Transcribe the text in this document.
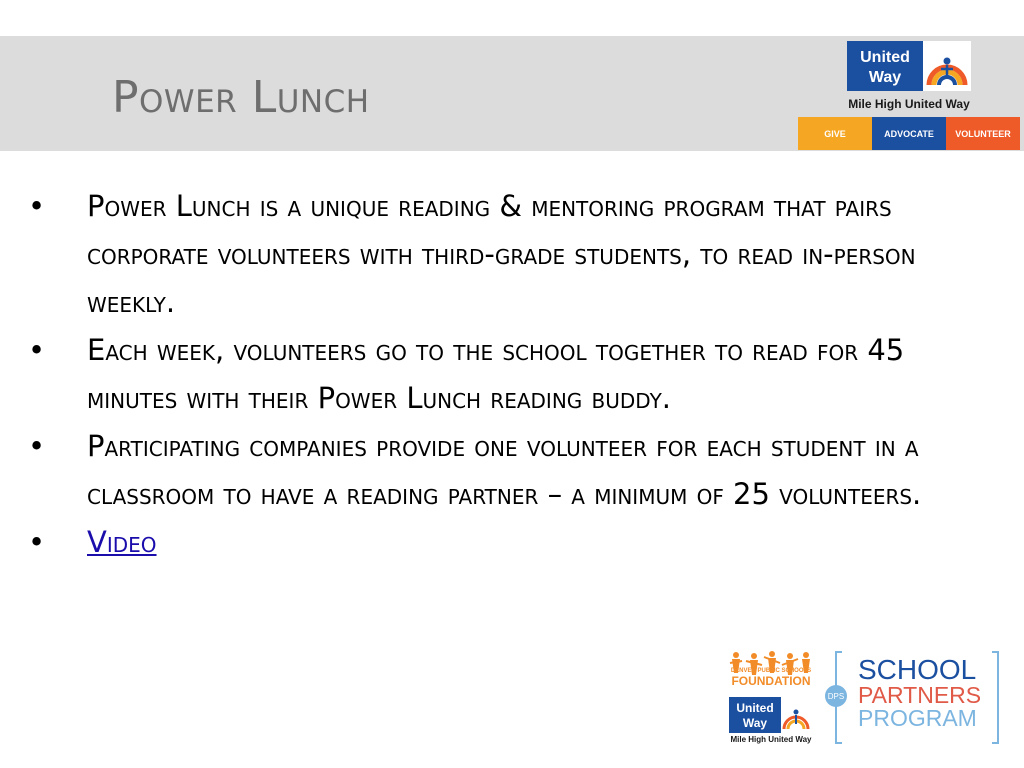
Power Lunch
United
Way
Mile High United Way
GIVE	ADVOCATE	VOLUNTEER
• Power Lunch is a unique reading & mentoring program that pairs corporate volunteers with third-grade students, to read in-person weekly.
• Each week, volunteers go to the school together to read for 45 minutes with their Power Lunch reading buddy.
• Participating companies provide one volunteer for each student in a classroom to have a reading partner – a minimum of 25 volunteers.
• Video
DENVER PUBLIC SCHOOLS
FOUNDATION
United
Way
Mile High United Way
DPS
SCHOOL
PARTNERS
PROGRAM
